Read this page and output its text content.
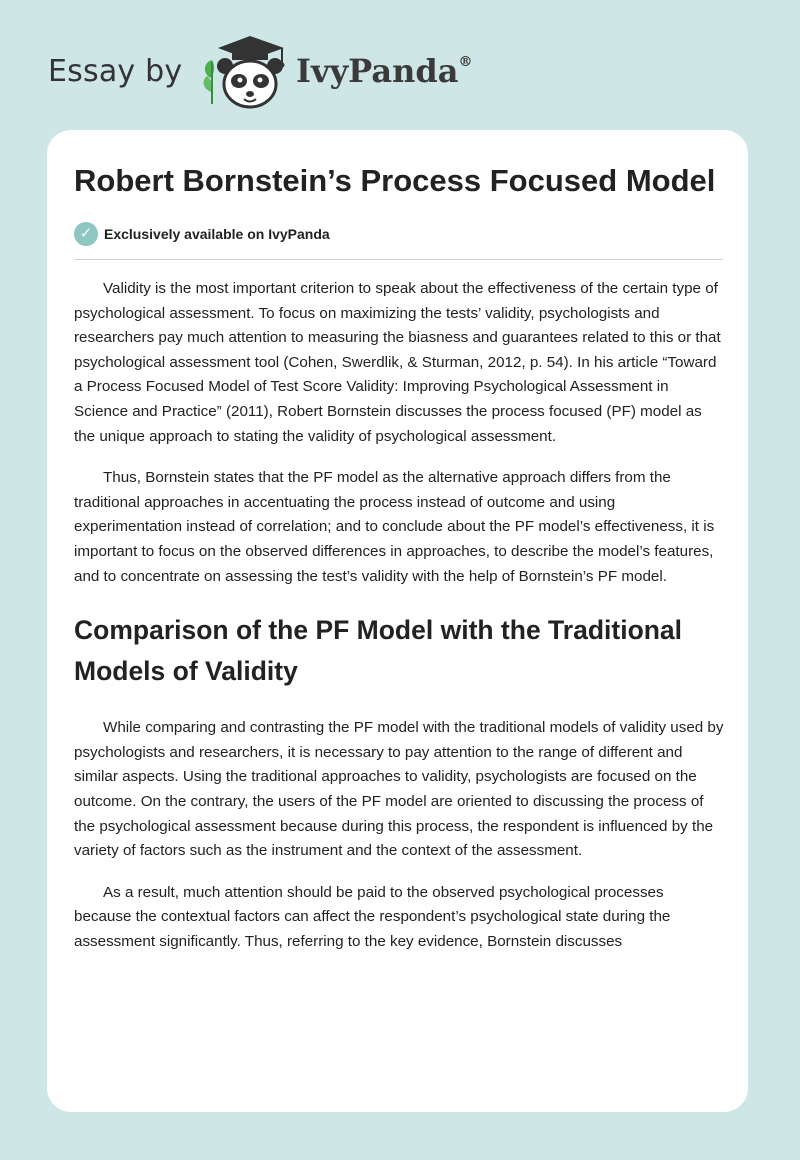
Essay by	IvyPanda®
Robert Bornstein’s Process Focused Model
✓ Exclusively available on IvyPanda

Validity is the most important criterion to speak about the effectiveness of the certain type of psychological assessment. To focus on maximizing the tests’ validity, psychologists and researchers pay much attention to measuring the biasness and guarantees related to this or that psychological assessment tool (Cohen, Swerdlik, & Sturman, 2012, p. 54). In his article “Toward a Process Focused Model of Test Score Validity: Improving Psychological Assessment in Science and Practice” (2011), Robert Bornstein discusses the process focused (PF) model as the unique approach to stating the validity of psychological assessment.

Thus, Bornstein states that the PF model as the alternative approach differs from the traditional approaches in accentuating the process instead of outcome and using experimentation instead of correlation; and to conclude about the PF model’s effectiveness, it is important to focus on the observed differences in approaches, to describe the model’s features, and to concentrate on assessing the test’s validity with the help of Bornstein’s PF model.

Comparison of the PF Model with the Traditional Models of Validity

While comparing and contrasting the PF model with the traditional models of validity used by psychologists and researchers, it is necessary to pay attention to the range of different and similar aspects. Using the traditional approaches to validity, psychologists are focused on the outcome. On the contrary, the users of the PF model are oriented to discussing the process of the psychological assessment because during this process, the respondent is influenced by the variety of factors such as the instrument and the context of the assessment.

As a result, much attention should be paid to the observed psychological processes because the contextual factors can affect the respondent’s psychological state during the assessment significantly. Thus, referring to the key evidence, Bornstein discusses
